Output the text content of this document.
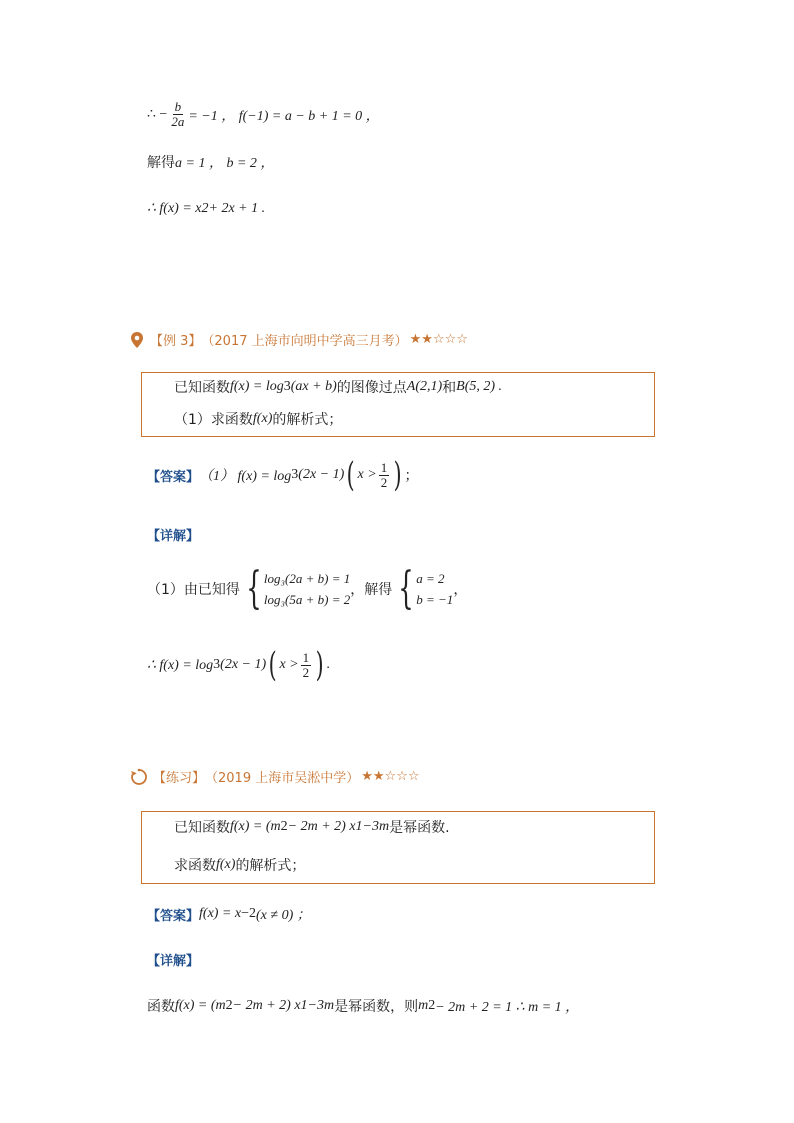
∴ − $\frac{b}{2a} = -1$ ， f(−1) = a − b + 1 = 0 ，
解得 a = 1 ， b = 2 ，
∴ f(x) = x 2 + 2x + 1 .
【例 3】 （2017 上海市向明中学高三月考） ★★☆☆☆
已知函数 f(x) = log 3 (ax + b) 的图像过点 A(2,1) 和 B(5, 2) .
（1）求函数 f(x) 的解析式；
【答案】 （1） f(x) = log 3 (2x − 1) ( $x > \frac{1}{2}$ ) ；
【详解】
（1）由已知得 { log₃(2a + b) = 1
log₃(5a + b) = 2
，解得 { a = 2
b = −1
，
∴ f(x) = log 3 (2x − 1) ( $x > \frac{1}{2}$ ) .
【练习】 （2019 上海市吴淞中学） ★★☆☆☆
已知函数 f(x) = (m 2 − 2m + 2) x 1−3m 是幂函数.
求函数 f(x) 的解析式；
【答案】 f(x) = x −2 (x ≠ 0) ；
【详解】
函数 f(x) = (m 2 − 2m + 2) x 1−3m 是幂函数，则 m 2 − 2m + 2 = 1 ∴ m = 1 ，
